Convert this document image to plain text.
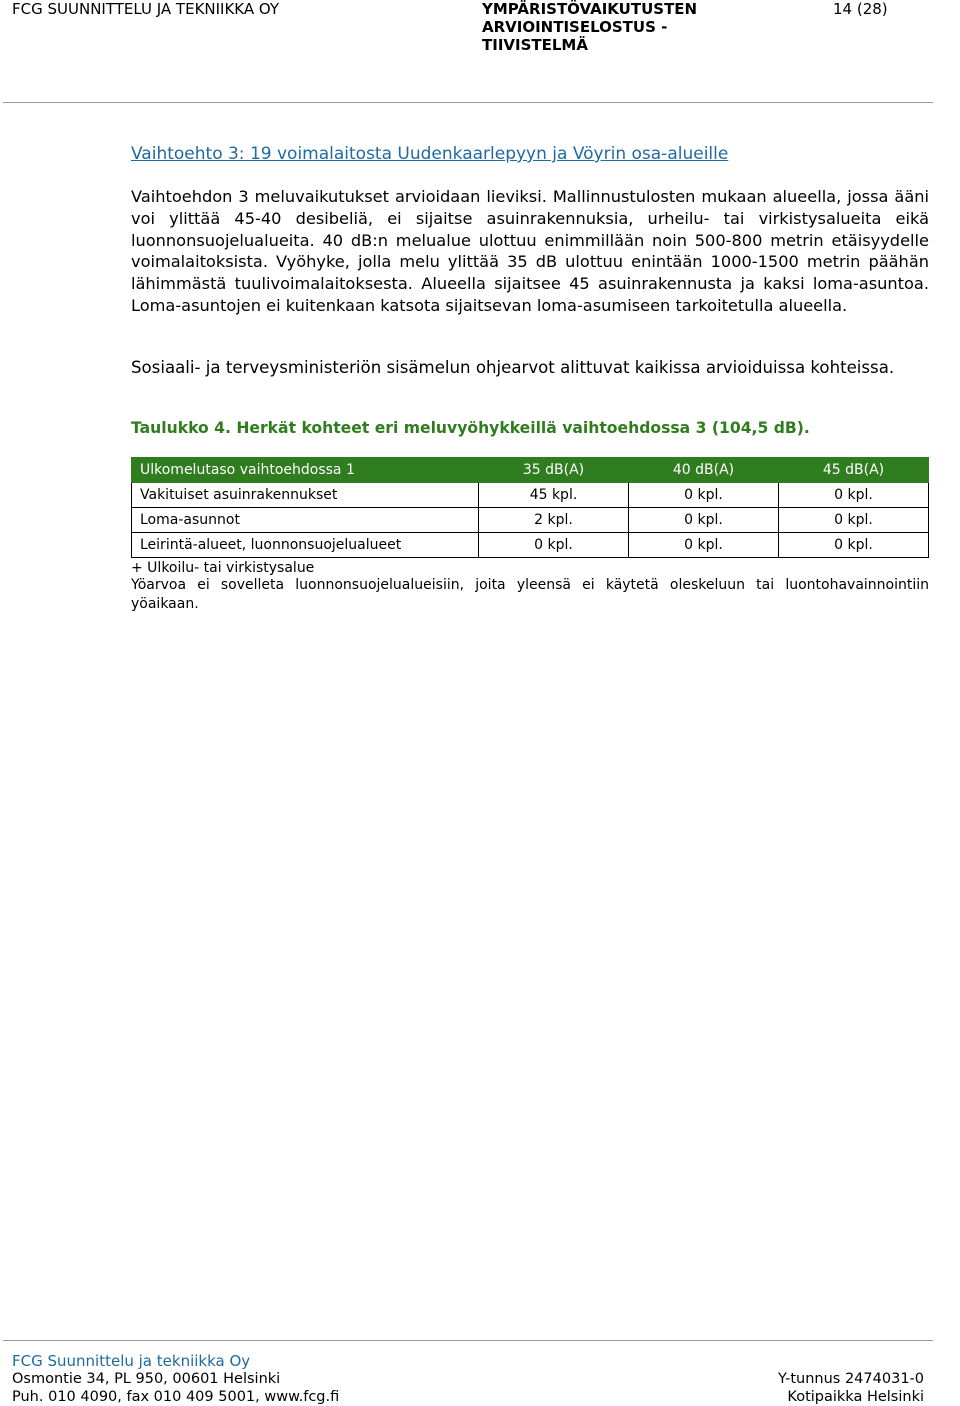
FCG SUUNNITTELU JA TEKNIIKKA OY	YMPÄRISTÖVAIKUTUSTEN ARVIOINTISELOSTUS - TIIVISTELMÄ
14 (28)
Vaihtoehto 3: 19 voimalaitosta Uudenkaarlepyyn ja Vöyrin osa-alueille
Vaihtoehdon 3 meluvaikutukset arvioidaan lieviksi. Mallinnustulosten mukaan alueella, jossa ääni voi ylittää 45-40 desibeliä, ei sijaitse asuinrakennuksia, urheilu- tai virkistysalueita eikä luonnonsuojelualueita. 40 dB:n melualue ulottuu enimmillään noin 500-800 metrin etäisyydelle voimalaitoksista. Vyöhyke, jolla melu ylittää 35 dB ulottuu enintään 1000-1500 metrin päähän lähimmästä tuulivoimalaitoksesta. Alueella sijaitsee 45 asuinrakennusta ja kaksi loma-asuntoa. Loma-asuntojen ei kuitenkaan katsota sijaitsevan loma-asumiseen tarkoitetulla alueella.
Sosiaali- ja terveysministeriön sisämelun ohjearvot alittuvat kaikissa arvioiduissa kohteissa.
Taulukko 4. Herkät kohteet eri meluvyöhykkeillä vaihtoehdossa 3 (104,5 dB).
Ulkomelutaso vaihtoehdossa 1	35 dB(A)	40 dB(A)	45 dB(A)
Vakituiset asuinrakennukset	45 kpl.	0 kpl.	0 kpl.
Loma-asunnot	2 kpl.	0 kpl.	0 kpl.
Leirintä-alueet, luonnonsuojelualueet	0 kpl.	0 kpl.	0 kpl.
+ Ulkoilu- tai virkistysalue
Yöarvoa ei sovelleta luonnonsuojelualueisiin, joita yleensä ei käytetä oleskeluun tai luontohavainnointiin yöaikaan.
FCG Suunnittelu ja tekniikka Oy
Osmontie 34, PL 950, 00601 Helsinki
Puh. 010 4090, fax 010 409 5001, www.fcg.fi
Y-tunnus 2474031-0
Kotipaikka Helsinki
